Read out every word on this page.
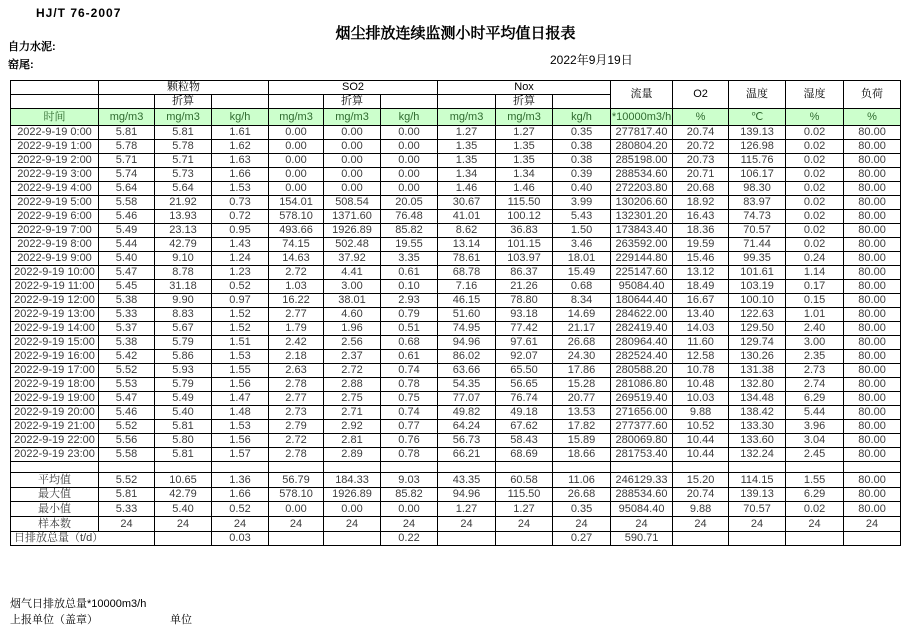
HJ/T 76-2007
烟尘排放连续监测小时平均值日报表
自力水泥:
窑尾:	2022年9月19日
	颗粒物			SO2			Nox			流量	O2	温度	湿度	负荷
		折算			折算			折算						
时间	mg/m3	mg/m3	kg/h	mg/m3	mg/m3	kg/h	mg/m3	mg/m3	kg/h	*10000m3/h	%	℃	%	%
2022-9-19 0:00	5.81	5.81	1.61	0.00	0.00	0.00	1.27	1.27	0.35	277817.40	20.74	139.13	0.02	80.00
2022-9-19 1:00	5.78	5.78	1.62	0.00	0.00	0.00	1.35	1.35	0.38	280804.20	20.72	126.98	0.02	80.00
2022-9-19 2:00	5.71	5.71	1.63	0.00	0.00	0.00	1.35	1.35	0.38	285198.00	20.73	115.76	0.02	80.00
2022-9-19 3:00	5.74	5.73	1.66	0.00	0.00	0.00	1.34	1.34	0.39	288534.60	20.71	106.17	0.02	80.00
2022-9-19 4:00	5.64	5.64	1.53	0.00	0.00	0.00	1.46	1.46	0.40	272203.80	20.68	98.30	0.02	80.00
2022-9-19 5:00	5.58	21.92	0.73	154.01	508.54	20.05	30.67	115.50	3.99	130206.60	18.92	83.97	0.02	80.00
2022-9-19 6:00	5.46	13.93	0.72	578.10	1371.60	76.48	41.01	100.12	5.43	132301.20	16.43	74.73	0.02	80.00
2022-9-19 7:00	5.49	23.13	0.95	493.66	1926.89	85.82	8.62	36.83	1.50	173843.40	18.36	70.57	0.02	80.00
2022-9-19 8:00	5.44	42.79	1.43	74.15	502.48	19.55	13.14	101.15	3.46	263592.00	19.59	71.44	0.02	80.00
2022-9-19 9:00	5.40	9.10	1.24	14.63	37.92	3.35	78.61	103.97	18.01	229144.80	15.46	99.35	0.24	80.00
2022-9-19 10:00	5.47	8.78	1.23	2.72	4.41	0.61	68.78	86.37	15.49	225147.60	13.12	101.61	1.14	80.00
2022-9-19 11:00	5.45	31.18	0.52	1.03	3.00	0.10	7.16	21.26	0.68	95084.40	18.49	103.19	0.17	80.00
2022-9-19 12:00	5.38	9.90	0.97	16.22	38.01	2.93	46.15	78.80	8.34	180644.40	16.67	100.10	0.15	80.00
2022-9-19 13:00	5.33	8.83	1.52	2.77	4.60	0.79	51.60	93.18	14.69	284622.00	13.40	122.63	1.01	80.00
2022-9-19 14:00	5.37	5.67	1.52	1.79	1.96	0.51	74.95	77.42	21.17	282419.40	14.03	129.50	2.40	80.00
2022-9-19 15:00	5.38	5.79	1.51	2.42	2.56	0.68	94.96	97.61	26.68	280964.40	11.60	129.74	3.00	80.00
2022-9-19 16:00	5.42	5.86	1.53	2.18	2.37	0.61	86.02	92.07	24.30	282524.40	12.58	130.26	2.35	80.00
2022-9-19 17:00	5.52	5.93	1.55	2.63	2.72	0.74	63.66	65.50	17.86	280588.20	10.78	131.38	2.73	80.00
2022-9-19 18:00	5.53	5.79	1.56	2.78	2.88	0.78	54.35	56.65	15.28	281086.80	10.48	132.80	2.74	80.00
2022-9-19 19:00	5.47	5.49	1.47	2.77	2.75	0.75	77.07	76.74	20.77	269519.40	10.03	134.48	6.29	80.00
2022-9-19 20:00	5.46	5.40	1.48	2.73	2.71	0.74	49.82	49.18	13.53	271656.00	9.88	138.42	5.44	80.00
2022-9-19 21:00	5.52	5.81	1.53	2.79	2.92	0.77	64.24	67.62	17.82	277377.60	10.52	133.30	3.96	80.00
2022-9-19 22:00	5.56	5.80	1.56	2.72	2.81	0.76	56.73	58.43	15.89	280069.80	10.44	133.60	3.04	80.00
2022-9-19 23:00	5.58	5.81	1.57	2.78	2.89	0.78	66.21	68.69	18.66	281753.40	10.44	132.24	2.45	80.00

平均值	5.52	10.65	1.36	56.79	184.33	9.03	43.35	60.58	11.06	246129.33	15.20	114.15	1.55	80.00
最大值	5.81	42.79	1.66	578.10	1926.89	85.82	94.96	115.50	26.68	288534.60	20.74	139.13	6.29	80.00
最小值	5.33	5.40	0.52	0.00	0.00	0.00	1.27	1.27	0.35	95084.40	9.88	70.57	0.02	80.00
样本数	24	24	24	24	24	24	24	24	24	24	24	24	24	24
日排放总量（t/d）			0.03			0.22			0.27	590.71				
烟气日排放总量*10000m3/h
上报单位（盖章）	单位
